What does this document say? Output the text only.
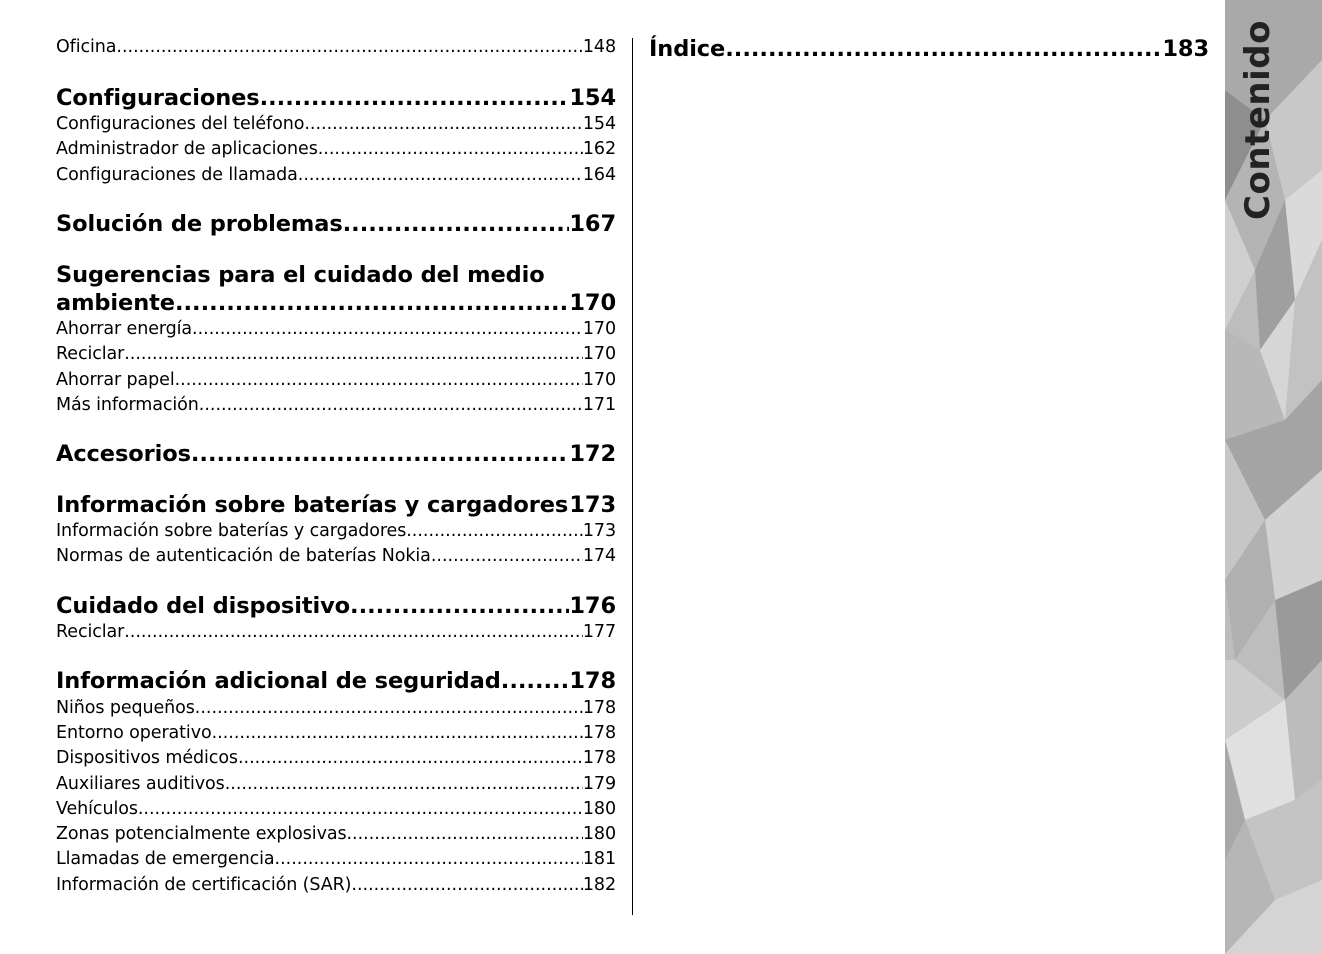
Oficina .....	148
Configuraciones .....	154
Configuraciones del teléfono .....	154
Administrador de aplicaciones .....	162
Configuraciones de llamada .....	164
Solución de problemas .....	167
Sugerencias para el cuidado del medio
ambiente .....	170
Ahorrar energía .....	170
Reciclar .....	170
Ahorrar papel .....	170
Más información .....	171
Accesorios .....	172
Información sobre baterías y cargadores ..... 173
Información sobre baterías y cargadores .....	173
Normas de autenticación de baterías Nokia .....	174
Cuidado del dispositivo .....	176
Reciclar .....	177
Información adicional de seguridad .....	178
Niños pequeños .....	178
Entorno operativo .....	178
Dispositivos médicos .....	178
Auxiliares auditivos .....	179
Vehículos .....	180
Zonas potencialmente explosivas .....	180
Llamadas de emergencia .....	181
Información de certificación (SAR) .....	182
Índice .....	183 Contenido
